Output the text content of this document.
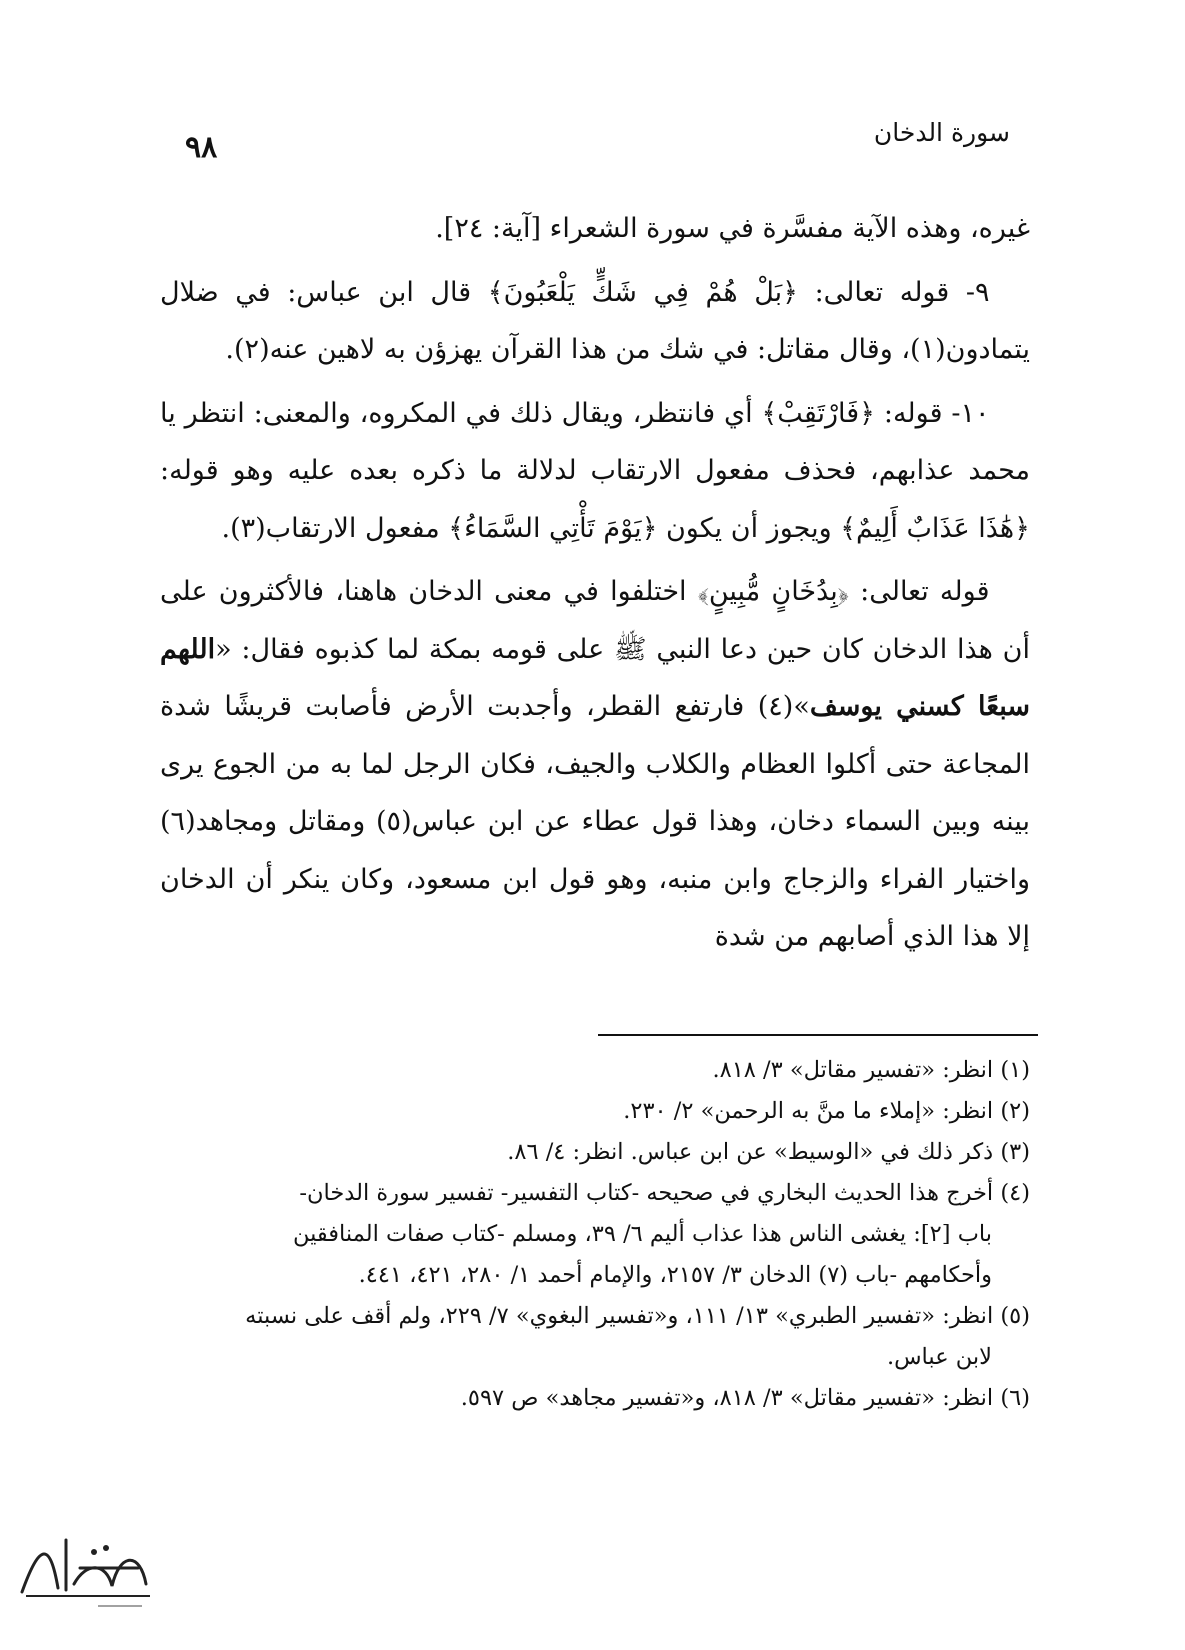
٩٨	سورة الدخان

غيره، وهذه الآية مفسَّرة في سورة الشعراء [آية: ٢٤].

٩- قوله تعالى: ﴿بَلْ هُمْ فِي شَكٍّ يَلْعَبُونَ﴾ قال ابن عباس: في ضلال يتمادون(١)، وقال مقاتل: في شك من هذا القرآن يهزؤن به لاهين عنه(٢).

١٠- قوله: ﴿فَارْتَقِبْ﴾ أي فانتظر، ويقال ذلك في المكروه، والمعنى: انتظر يا محمد عذابهم، فحذف مفعول الارتقاب لدلالة ما ذكره بعده عليه وهو قوله: ﴿هَٰذَا عَذَابٌ أَلِيمٌ﴾ ويجوز أن يكون ﴿يَوْمَ تَأْتِي السَّمَاءُ﴾ مفعول الارتقاب(٣).

قوله تعالى: ﴿بِدُخَانٍ مُّبِينٍ﴾ اختلفوا في معنى الدخان هاهنا، فالأكثرون على أن هذا الدخان كان حين دعا النبي ﷺ على قومه بمكة لما كذبوه فقال: «اللهم سبعًا كسني يوسف»(٤) فارتفع القطر، وأجدبت الأرض فأصابت قريشًا شدة المجاعة حتى أكلوا العظام والكلاب والجيف، فكان الرجل لما به من الجوع يرى بينه وبين السماء دخان، وهذا قول عطاء عن ابن عباس(٥) ومقاتل ومجاهد(٦) واختيار الفراء والزجاج وابن منبه، وهو قول ابن مسعود، وكان ينكر أن الدخان إلا هذا الذي أصابهم من شدة

(١) انظر: «تفسير مقاتل» ٣/ ٨١٨.

(٢) انظر: «إملاء ما منَّ به الرحمن» ٢/ ٢٣٠.

(٣) ذكر ذلك في «الوسيط» عن ابن عباس. انظر: ٤/ ٨٦.

(٤) أخرج هذا الحديث البخاري في صحيحه -كتاب التفسير- تفسير سورة الدخان-

باب [٢]: يغشى الناس هذا عذاب أليم ٦/ ٣٩، ومسلم -كتاب صفات المنافقين

وأحكامهم -باب (٧) الدخان ٣/ ٢١٥٧، والإمام أحمد ١/ ٢٨٠، ٤٢١، ٤٤١.

(٥) انظر: «تفسير الطبري» ١٣/ ١١١، و«تفسير البغوي» ٧/ ٢٢٩، ولم أقف على نسبته

لابن عباس.

(٦) انظر: «تفسير مقاتل» ٣/ ٨١٨، و«تفسير مجاهد» ص ٥٩٧.
